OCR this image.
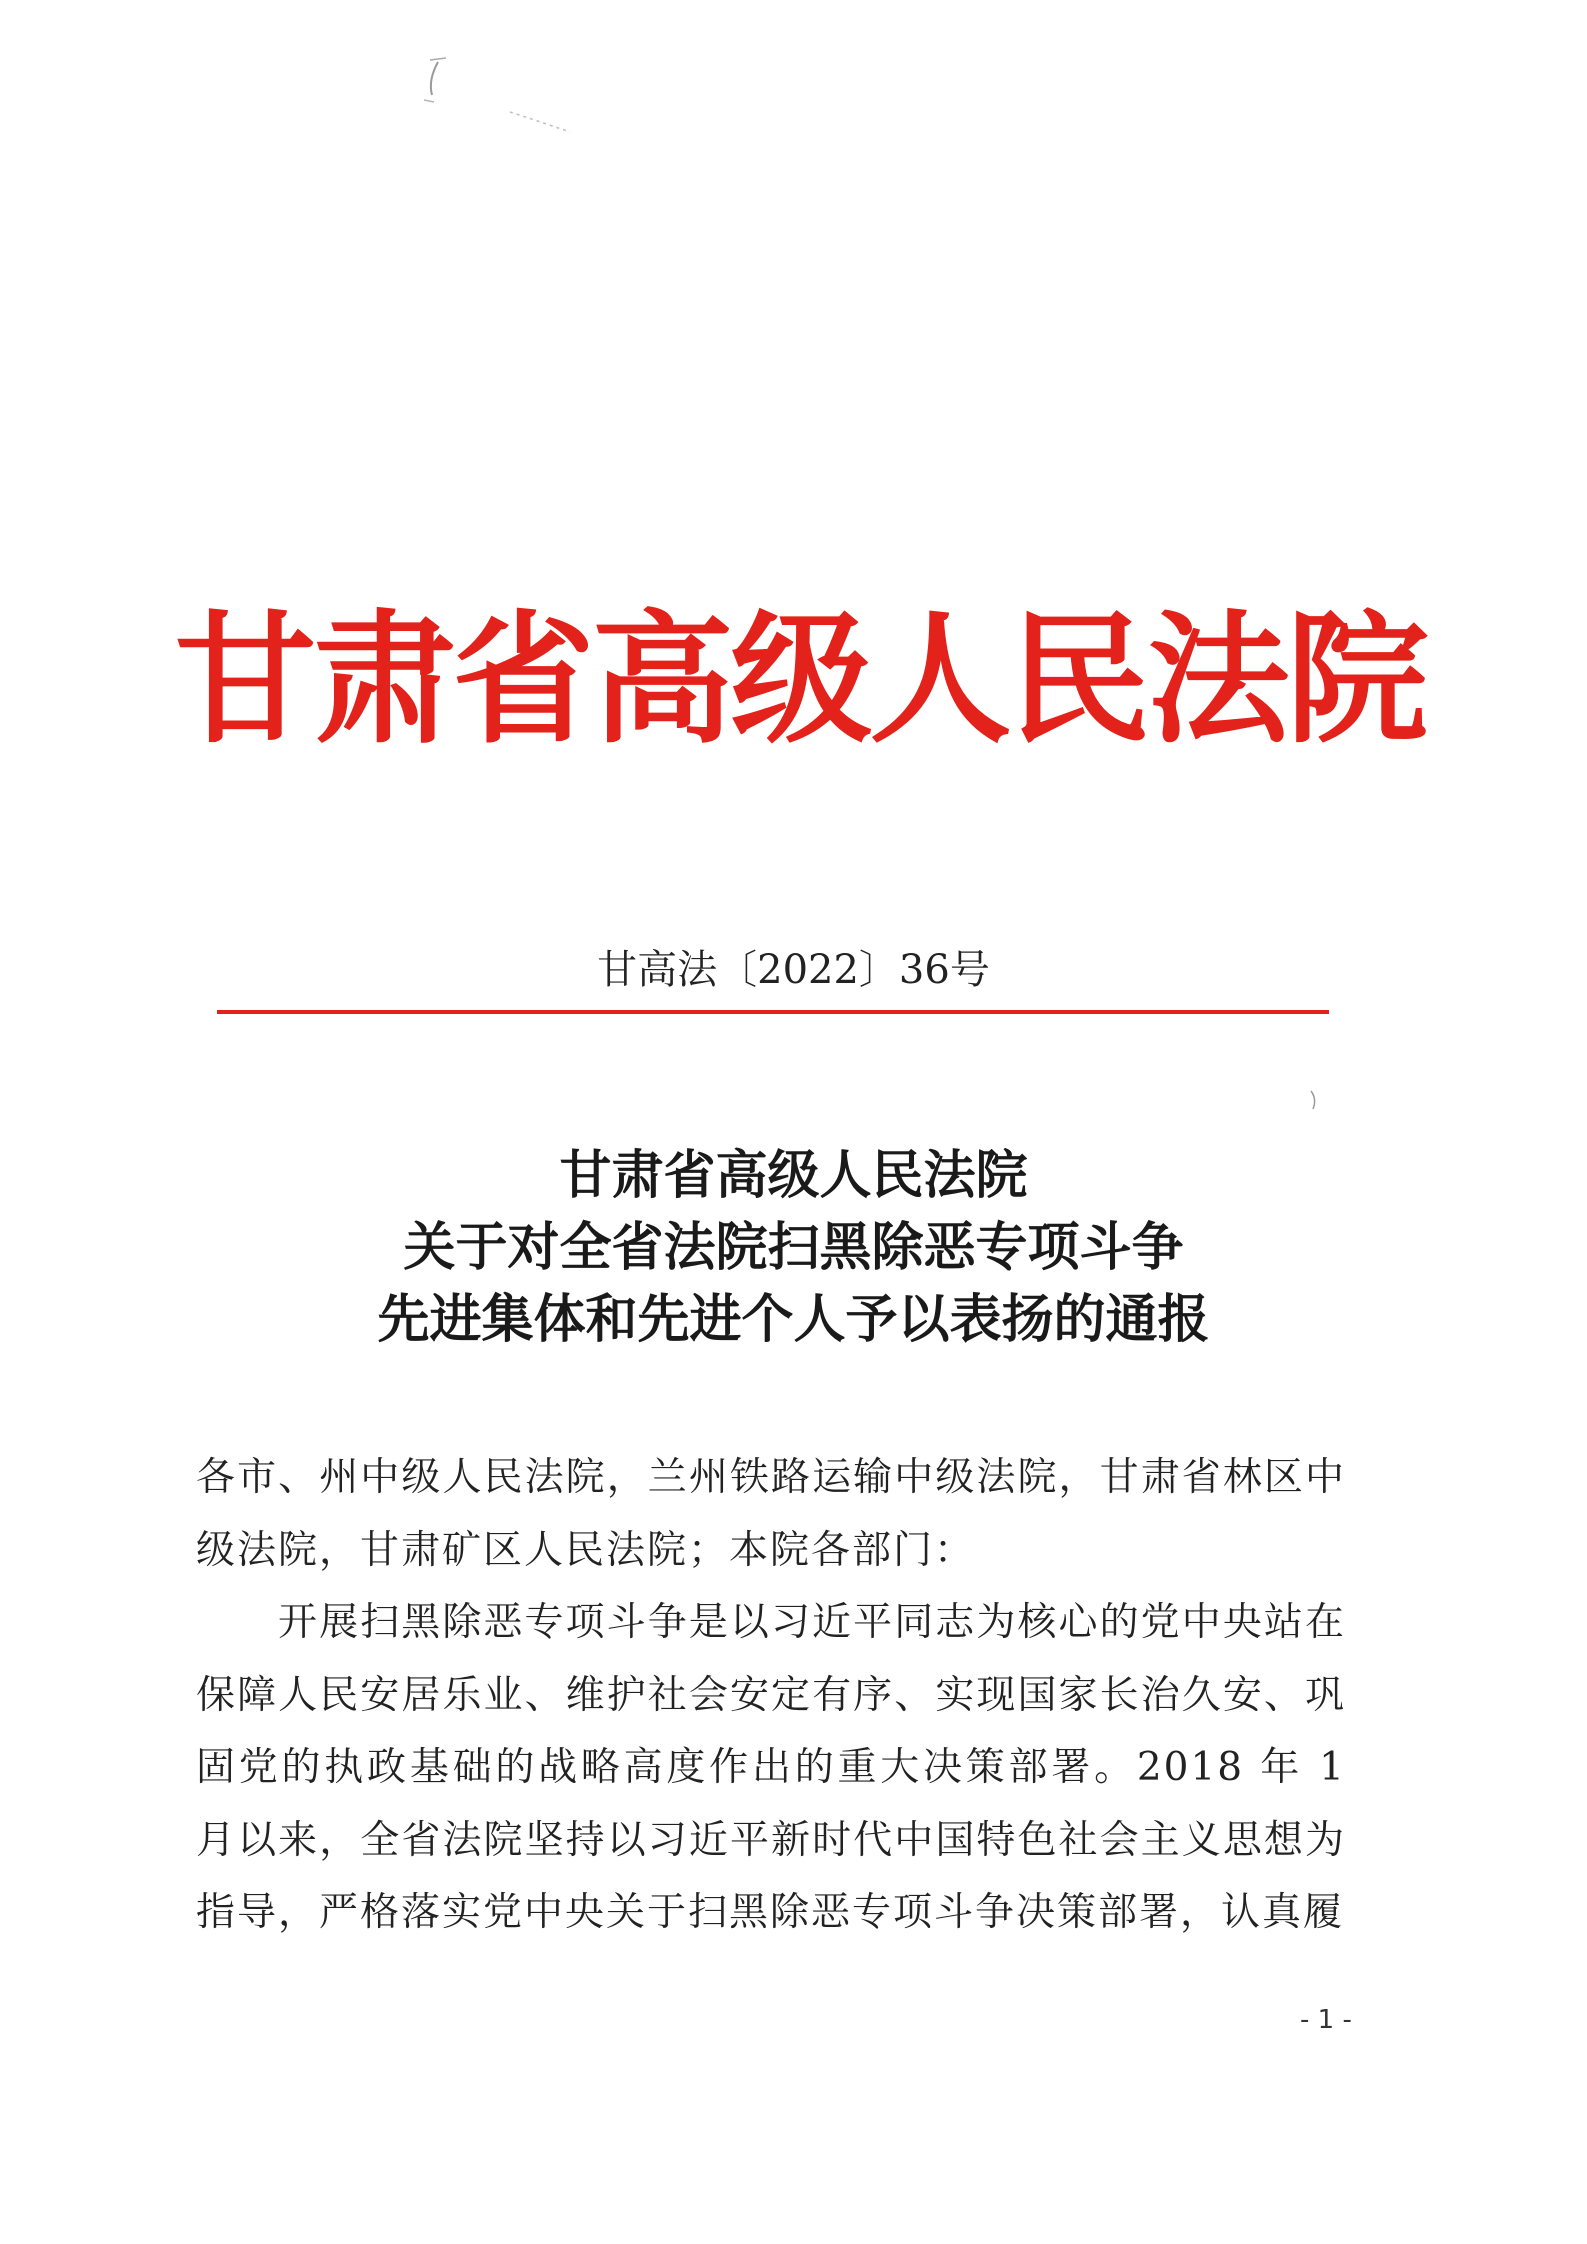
甘肃省高级人民法院
甘高法〔2022〕36号
甘肃省高级人民法院
关于对全省法院扫黑除恶专项斗争
先进集体和先进个人予以表扬的通报

各市、州中级人民法院，兰州铁路运输中级法院，甘肃省林区中级法院，甘肃矿区人民法院；本院各部门：

开展扫黑除恶专项斗争是以习近平同志为核心的党中央站在保障人民安居乐业、维护社会安定有序、实现国家长治久安、巩固党的执政基础的战略高度作出的重大决策部署。2018 年 1 月以来，全省法院坚持以习近平新时代中国特色社会主义思想为指导，严格落实党中央关于扫黑除恶专项斗争决策部署，认真履

- 1 -
